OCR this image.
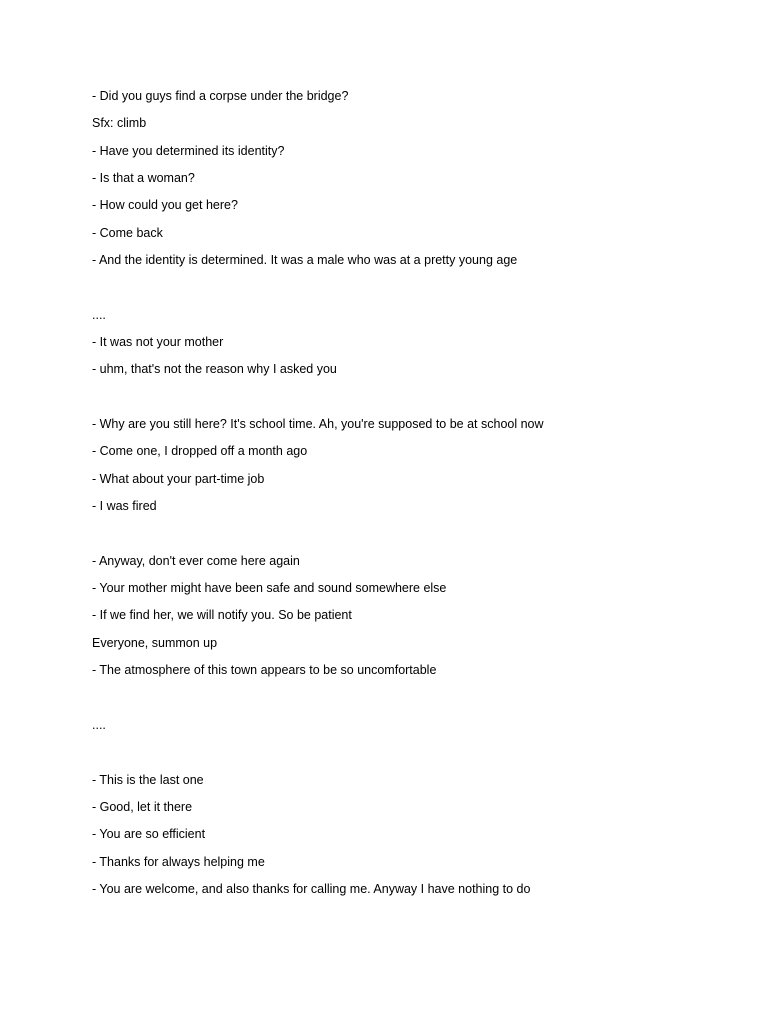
- Did you guys find a corpse under the bridge?
Sfx: climb
- Have you determined its identity?
- Is that a woman?
- How could you get here?
- Come back
- And the identity is determined. It was a male who was at a pretty young age
....
- It was not your mother
- uhm, that's not the reason why I asked you
- Why are you still here? It's school time. Ah, you're supposed to be at school now
- Come one, I dropped off a month ago
- What about your part-time job
- I was fired
- Anyway, don't ever come here again
- Your mother might have been safe and sound somewhere else
- If we find her, we will notify you. So be patient
Everyone, summon up
- The atmosphere of this town appears to be so uncomfortable
....
- This is the last one
- Good, let it there
- You are so efficient
- Thanks for always helping me
- You are welcome, and also thanks for calling me. Anyway I have nothing to do
